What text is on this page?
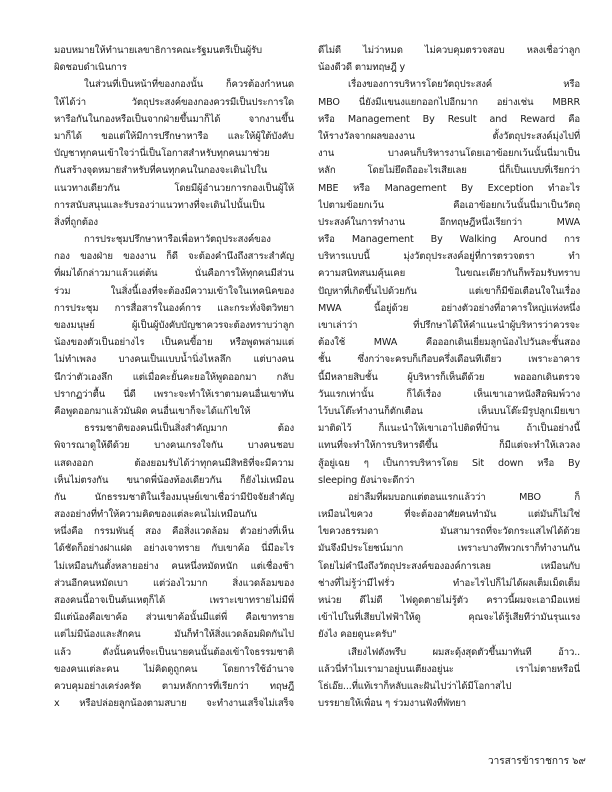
มอบหมายให้ทำนายเลขาธิการคณะรัฐมนตรีเป็นผู้รับ
ผิดชอบดำเนินการ
ในส่วนที่เป็นหน้าที่ของกองนั้น ก็ควรต้องกำหนด
ให้ได้ว่า วัตถุประสงค์ของกองควรมีเป็นประการใด
หารือกันในกองหรือเป็นจากฝ่ายขึ้นมาก็ได้ จากงานขึ้น
มาก็ได้ ขอแต่ให้มีการปรึกษาหารือ และให้ผู้ใต้บังคับ
บัญชาทุกคนเข้าใจว่านี่เป็นโอกาสสำหรับทุกคนมาช่วย
กันสร้างจุดหมายสำหรับที่คนทุกคนในกองจะเดินไปใน
แนวทางเดียวกัน โดยมีผู้อำนวยการกองเป็นผู้ให้
การสนับสนุนและรับรองว่าแนวทางที่จะเดินไปนั้นเป็น
สิ่งที่ถูกต้อง
การประชุมปรึกษาหารือเพื่อหาวัตถุประสงค์ของ
กอง ของฝ่าย ของงาน ก็ดี จะต้องคำนึงถึงสาระสำคัญ
ที่ผมได้กล่าวมาแล้วแต่ต้น นั่นคือการให้ทุกคนมีส่วน
ร่วม ในสิ่งนี้เองที่จะต้องมีความเข้าใจในเทคนิคของ
การประชุม การสื่อสารในองค์การ และกระทั่งจิตวิทยา
ของมนุษย์ ผู้เป็นผู้บังคับบัญชาควรจะต้องทราบว่าลูก
น้องของตัวเป็นอย่างไร เป็นคนขี้อาย หรือพูดพล่ามแต่
ไม่ทำเพลง บางคนเป็นแบบน้ำนิ่งไหลลึก แต่บางคน
นึกว่าตัวเองลึก แต่เมื่อคะยั้นคะยอให้พูดออกมา กลับ
ปรากฏว่าตื้น นี่ดี เพราะจะทำให้เราตามคนอื่นเขาทัน
คือพูดออกมาแล้วมันผิด คนอื่นเขาก็จะได้แก้ไขให้
ธรรมชาติของคนนี่เป็นสิ่งสำคัญมาก ต้อง
พิจารณาดูให้ดีด้วย บางคนเกรงใจกัน บางคนชอบ
แสดงออก ต้องยอมรับได้ว่าทุกคนมีสิทธิที่จะมีความ
เห็นไม่ตรงกัน ขนาดพี่น้องท้องเดียวกัน ก็ยังไม่เหมือน
กัน นักธรรมชาติในเรื่องมนุษย์เขาเชื่อว่ามีปัจจัยสำคัญ
สองอย่างที่ทำให้ความคิดของแต่ละคนไม่เหมือนกัน
หนึ่งคือ กรรมพันธุ์ สอง คือสิ่งแวดล้อม ตัวอย่างที่เห็น
ได้ชัดก็อย่างฝาแฝด อย่างเจาทราย กับเขาค้อ นี่มีอะไร
ไม่เหมือนกันตั้งหลายอย่าง คนหนึ่งหมัดหนัก แต่เชื่องช้า
ส่วนอีกคนหมัดเบา แต่ว่องไวมาก สิ่งแวดล้อมของ
สองคนนี้อาจเป็นต้นเหตุก็ได้ เพราะเขาทรายไม่มีพี่
มีแต่น้องคือเขาค้อ ส่วนเขาค้อนั้นมีแต่พี่ คือเขาทราย
แต่ไม่มีน้องและสักคน มันก็ทำให้สิ่งแวดล้อมผิดกันไป
แล้ว ดังนั้นคนที่จะเป็นนายคนนั้นต้องเข้าใจธรรมชาติ
ของคนแต่ละคน ไม่คิดดูถูกคน โดยการใช้อำนาจ
ควบคุมอย่างเคร่งครัด ตามหลักการที่เรียกว่า ทฤษฎี
x หรือปล่อยลูกน้องตามสบาย จะทำงานเสร็จไม่เสร็จ
ดีไม่ดี ไม่ว่าหมด ไม่ควบคุมตรวจสอบ หลงเชื่อว่าลูก
น้องดีวดี ตามทฤษฎี y
เรื่องของการบริหารโดยวัตถุประสงค์ หรือ
MBO นี่ยังมีแขนงแยกออกไปอีกมาก อย่างเช่น MBRR
หรือ Management By Result and Reward คือ
ให้รางวัลจากผลของงาน ตั้งวัตถุประสงค์มุ่งไปที่
งาน บางคนก็บริหารงานโดยเอาข้อยกเว้นนั้นนี่มาเป็น
หลัก โดยไม่ยึดถืออะไรเสียเลย นี่ก็เป็นแบบที่เรียกว่า
MBE หรือ Management By Exception ทำอะไร
ไปตามข้อยกเว้น คือเอาข้อยกเว้นนั้นนี่มาเป็นวัตถุ
ประสงค์ในการทำงาน อีกทฤษฎีหนึ่งเรียกว่า MWA
หรือ Management By Walking Around การ
บริหารแบบนี้ มุ่งวัตถุประสงค์อยู่ที่การตรวจตรา ทำ
ความสนิทสนมคุ้นเคย ในขณะเดียวกันก็พร้อมรับทราบ
ปัญหาที่เกิดขึ้นไปด้วยกัน แต่เขาก็มีข้อเตือนใจในเรื่อง
MWA นี้อยู่ด้วย อย่างตัวอย่างที่อาคารใหญ่แห่งหนึ่ง
เขาเล่าว่า ที่ปรึกษาได้ให้คำแนะนำผู้บริหารว่าควรจะ
ต้องใช้ MWA คือออกเดินเยี่ยมลูกน้องไปวันละชั้นสอง
ชั้น ซึ่งกว่าจะครบก็เกือบครึ่งเดือนทีเดียว เพราะอาคาร
นี้มีหลายสิบชั้น ผู้บริหารก็เห็นดีด้วย พอออกเดินตรวจ
วันแรกเท่านั้น ก็ได้เรื่อง เห็นเขาเอาหนังสือพิมพ์วาง
ไว้บนโต๊ะทำงานก็ตักเตือน เห็นบนโต๊ะมีรูปลูกเมียเขา
มาติดไว้ ก็แนะนำให้เขาเอาไปติดที่บ้าน ถ้าเป็นอย่างนี้
แทนที่จะทำให้การบริหารดีขึ้น ก็มีแต่จะทำให้เลวลง
สู้อยู่เฉย ๆ เป็นการบริหารโดย Sit down หรือ By
sleeping ยังน่าจะดีกว่า
อย่าลืมที่ผมบอกแต่ตอนแรกแล้วว่า MBO ก็
เหมือนไขควง ที่จะต้องอาศัยคนทำมัน แต่มันก็ไม่ใช่
ไขควงธรรมดา มันสามารถที่จะวัดกระแสไฟได้ด้วย
มันจึงมีประโยชน์มาก เพราะบางทีพวกเราก็ทำงานกัน
โดยไม่คำนึงถึงวัตถุประสงค์ขององค์การเลย เหมือนกับ
ช่างที่ไม่รู้ว่ามีไฟรั่ว ทำอะไรไปก็ไม่ได้ผลเต็มเม็ดเต็ม
หน่วย ดีไม่ดี ไฟดูดตายไม่รู้ตัว คราวนี้ผมจะเอามือแหย่
เข้าไปในที่เสียบไฟฟ้าให้ดู คุณจะได้รู้เสียทีว่ามันรุนแรง
ยังไง คอยดูนะครับ"
เสียงไฟดังพรึบ ผมสะดุ้งสุดตัวขึ้นมาทันที อ้าว..
แล้วนี่ทำไมเรามาอยู่บนเตียงอยู่นะ เราไม่ตายหรือนี่
โธ่เอ๊ย...ที่แท้เราก็หลับและฝันไปว่าได้มีโอกาสไป
บรรยายให้เพื่อน ๆ ร่วมงานฟังที่พัทยา
วารสารข้าราชการ ๖๙
